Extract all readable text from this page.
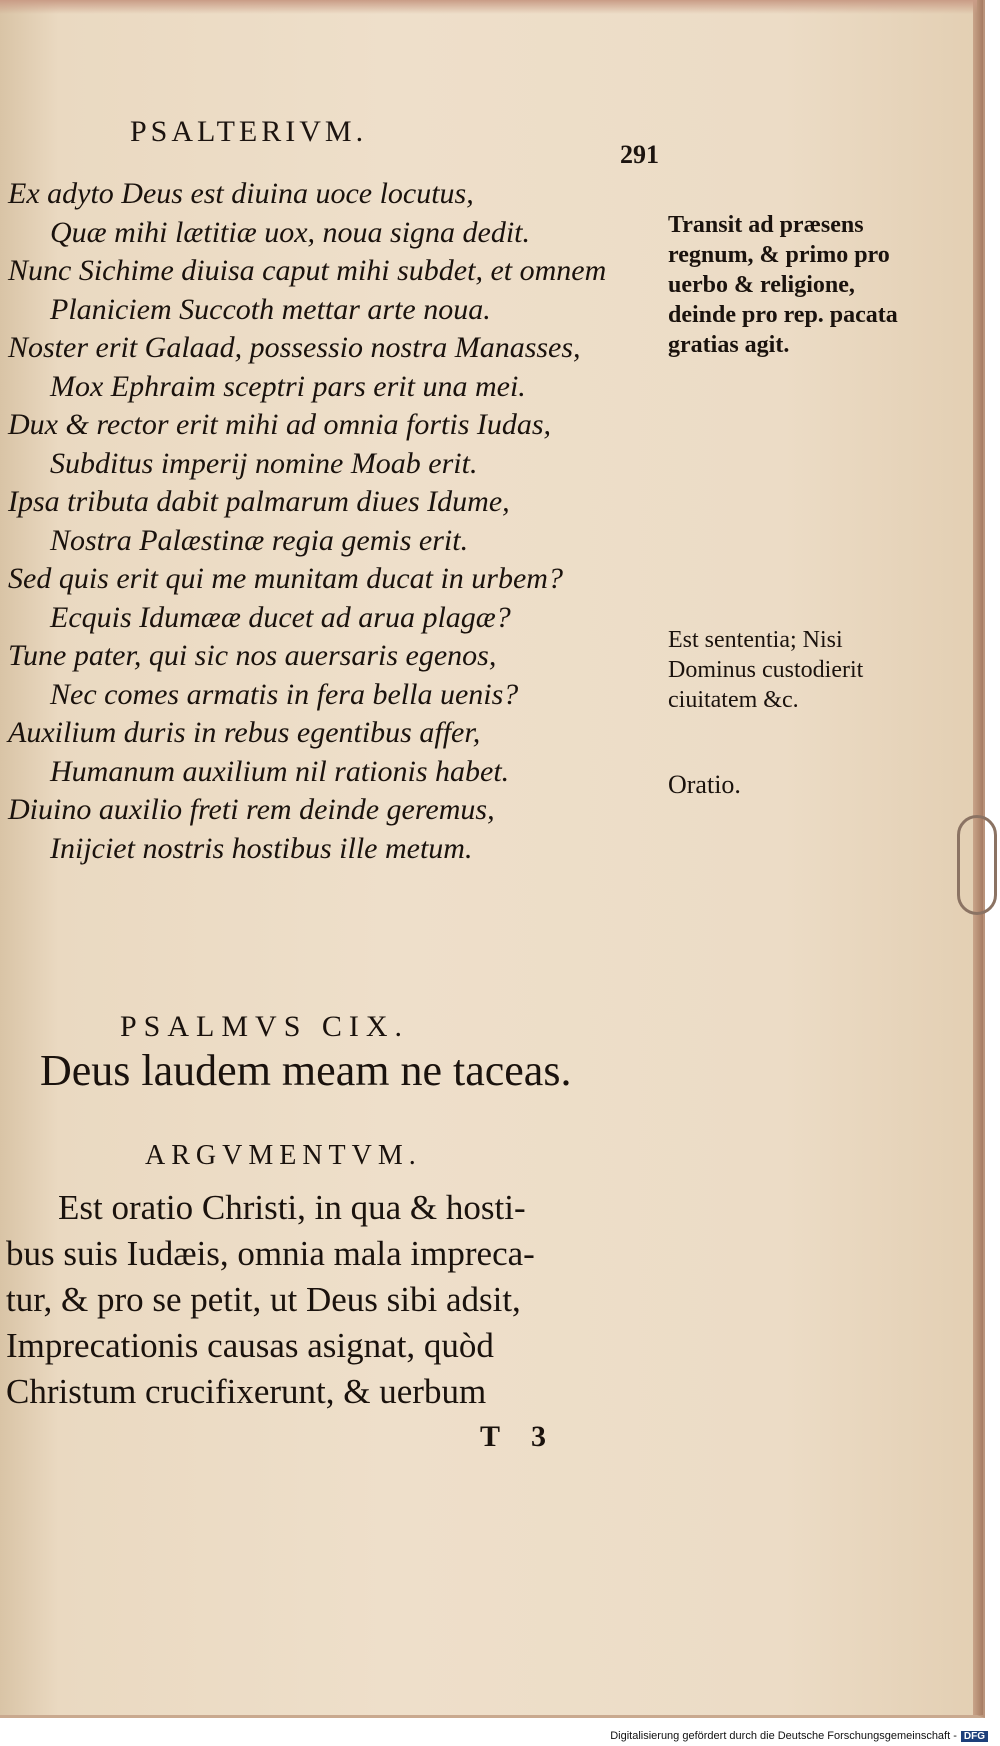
PSALTERIVM.
291

Ex adyto Deus est diuina uoce locutus,

Quæ mihi lætitiæ uox, noua signa dedit.

Nunc Sichime diuisa caput mihi subdet, et omnem

Planiciem Succoth mettar arte noua.

Noster erit Galaad, possessio nostra Manasses,

Mox Ephraim sceptri pars erit una mei.

Dux & rector erit mihi ad omnia fortis Iudas,

Subditus imperij nomine Moab erit.

Ipsa tributa dabit palmarum diues Idume,

Nostra Palæstinæ regia gemis erit.

Sed quis erit qui me munitam ducat in urbem?

Ecquis Idumææ ducet ad arua plagæ?

Tune pater, qui sic nos auersaris egenos,

Nec comes armatis in fera bella uenis?

Auxilium duris in rebus egentibus affer,

Humanum auxilium nil rationis habet.

Diuino auxilio freti rem deinde geremus,

Inijciet nostris hostibus ille metum.

Transit ad præsens regnum, & primo pro uerbo & religione, deinde pro rep. pacata gratias agit.
Est sententia; Nisi Dominus custodierit ciuitatem &c.
Oratio.
PSALMVS CIX.
Deus laudem meam ne taceas.
ARGVMENTVM.

Est oratio Christi, in qua & hosti-

bus suis Iudæis, omnia mala impreca-

tur, & pro se petit, ut Deus sibi adsit,

Imprecationis causas asignat, quòd

Christum crucifixerunt, & uerbum

T 3
Digitalisierung gefördert durch die Deutsche Forschungsgemeinschaft - DFG
